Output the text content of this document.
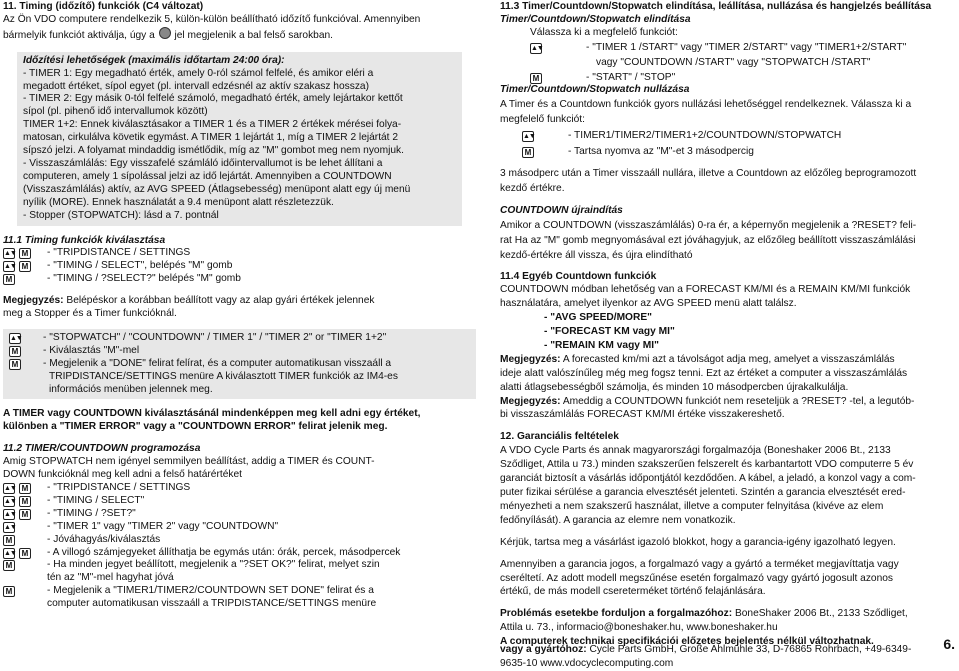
11. Timing (időzítő) funkciók (C4 változat)

Az Ön VDO computere rendelkezik 5, külön-külön beállítható időzítő funkcióval. Amennyiben

bármelyik funkciót aktiválja, úgy a jel megjelenik a bal felső sarokban.

Időzítési lehetőségek (maximális időtartam 24:00 óra):

- TIMER 1: Egy megadható érték, amely 0-ról számol felfelé, és amikor eléri a

megadott értéket, sípol egyet (pl. intervall edzésnél az aktív szakasz hossza)

- TIMER 2: Egy másik 0-tól felfelé számoló, megadható érték, amely lejártakor kettőt

sípol (pl. pihenő idő intervallumok között)

TIMER 1+2: Ennek kiválasztásakor a TIMER 1 és a TIMER 2 értékek mérései folya-

matosan, cirkulálva követik egymást. A TIMER 1 lejártát 1, míg a TIMER 2 lejártát 2

sípszó jelzi. A folyamat mindaddig ismétlődik, míg az "M" gombot meg nem nyomjuk.

- Visszaszámlálás: Egy visszafelé számláló időintervallumot is be lehet állítani a

computeren, amely 1 sípolással jelzi az idő lejártát. Amennyiben a COUNTDOWN

(Visszaszámlálás) aktív, az AVG SPEED (Átlagsebesség) menüpont alatt egy új menü

nyílik (MORE). Ennek használatát a 9.4 menüpont alatt részletezzük.

- Stopper (STOPWATCH): lásd a 7. pontnál

11.1 Timing funkciók kiválasztása

▲▼ M - "TRIPDISTANCE / SETTINGS
▲▼ M - "TIMING / SELECT", belépés "M" gomb
M	- "TIMING / ?SELECT?" belépés "M" gomb

Megjegyzés: Belépéskor a korábban beállított vagy az alap gyári értékek jelennek

meg a Stopper és a Timer funkcióknál.

▲▼ - "STOPWATCH" / "COUNTDOWN" / TIMER 1" / "TIMER 2" or "TIMER 1+2"
M - Kiválasztás "M"-mel
M - Megjelenik a "DONE" felirat felírat, és a computer automatikusan visszaáll a

TRIPDISTANCE/SETTINGS menüre A kiválasztott TIMER funkciók az IM4-es

információs menüben jelennek meg.

A TIMER vagy COUNTDOWN kiválasztásánál mindenképpen meg kell adni egy értéket,

különben a "TIMER ERROR" vagy a "COUNTDOWN ERROR" felirat jelenik meg.

11.2 TIMER/COUNTDOWN programozása

Amig STOPWATCH nem igényel semmilyen beállítást, addig a TIMER és COUNT-

DOWN funkcióknál meg kell adni a felső határértéket

▲▼ M - "TRIPDISTANCE / SETTINGS
▲▼ M - "TIMING / SELECT"
▲▼ M - "TIMING / ?SET?"
▲▼	- "TIMER 1" vagy "TIMER 2" vagy "COUNTDOWN"
M	- Jóváhagyás/kiválasztás
▲▼ M - A villogó számjegyeket állíthatja be egymás után: órák, percek, másodpercek
M	- Ha minden jegyet beállított, megjelenik a "?SET OK?" felirat, melyet szin

tén az "M"-mel hagyhat jóvá

M	- Megjelenik a "TIMER1/TIMER2/COUNTDOWN SET DONE" felirat és a

computer automatikusan visszaáll a TRIPDISTANCE/SETTINGS menüre

11.3 Timer/Countdown/Stopwatch elindítása, leállítása, nullázása és hangjelzés beállítása

Timer/Countdown/Stopwatch elindítása

Válassza ki a megfelelő funkciót:

▲▼	- "TIMER 1 /START" vagy "TIMER 2/START" vagy "TIMER1+2/START"

vagy "COUNTDOWN /START" vagy "STOPWATCH /START"

M	- "START" / "STOP"

Timer/Countdown/Stopwatch nullázása

A Timer és a Countdown funkciók gyors nullázási lehetőséggel rendelkeznek. Válassza ki a

megfelelő funkciót:

▲▼	- TIMER1/TIMER2/TIMER1+2/COUNTDOWN/STOPWATCH
M	- Tartsa nyomva az "M"-et 3 másodpercig

3 másodperc után a Timer visszaáll nullára, illetve a Countdown az előzőleg beprogramozott

kezdő értékre.

COUNTDOWN újraindítás

Amikor a COUNTDOWN (visszaszámlálás) 0-ra ér, a képernyőn megjelenik a ?RESET? feli-

rat Ha az "M" gomb megnyomásával ezt jóváhagyjuk, az előzőleg beállított visszaszámlálási

kezdő-értékre áll vissza, és újra elindítható

11.4 Egyéb Countdown funkciók

COUNTDOWN módban lehetőség van a FORECAST KM/MI és a REMAIN KM/MI funkciók

használatára, amelyet ilyenkor az AVG SPEED menü alatt találsz.

- "AVG SPEED/MORE"

- "FORECAST KM vagy MI"

- "REMAIN KM vagy MI"

Megjegyzés: A forecasted km/mi azt a távolságot adja meg, amelyet a visszaszámlálás

ideje alatt valószínűleg még meg fogsz tenni. Ezt az értéket a computer a visszaszámlálás

alatti átlagsebességből számolja, és minden 10 másodpercben újrakalkulálja.

Megjegyzés: Ameddig a COUNTDOWN funkciót nem reseteljük a ?RESET? -tel, a legutób-

bi visszaszámlálás FORECAST KM/MI értéke visszakereshető.

12. Garanciális feltételek

A VDO Cycle Parts és annak magyarországi forgalmazója (Boneshaker 2006 Bt., 2133

Sződliget, Attila u 73.) minden szakszerűen felszerelt és karbantartott VDO computerre 5 év

garanciát biztosít a vásárlás időpontjától kezdődően. A kábel, a jeladó, a konzol vagy a com-

puter fizikai sérülése a garancia elvesztését jelenteti. Szintén a garancia elvesztését ered-

ményezheti a nem szakszerű használat, illetve a computer felnyitása (kivéve az elem

fedőnyílását). A garancia az elemre nem vonatkozik.

Kérjük, tartsa meg a vásárlást igazoló blokkot, hogy a garancia-igény igazolható legyen.

Amennyiben a garancia jogos, a forgalmazó vagy a gyártó a terméket megjavíttatja vagy

cseréltetí. Az adott modell megszűnése esetén forgalmazó vagy gyártó jogosult azonos

értékű, de más modell csereterméket történő felajánlására.

Problémás esetekbe forduljon a forgalmazóhoz: BoneShaker 2006 Bt., 2133 Sződliget,

Attila u. 73., informacio@boneshaker.hu, www.boneshaker.hu

vagy a gyártóhoz: Cycle Parts GmbH, Große Ahlmühle 33, D-76865 Rohrbach, +49-6349-

9635-10 www.vdocyclecomputing.com

A computerek technikai specifikációi előzetes bejelentés nélkül változhatnak.	6.
